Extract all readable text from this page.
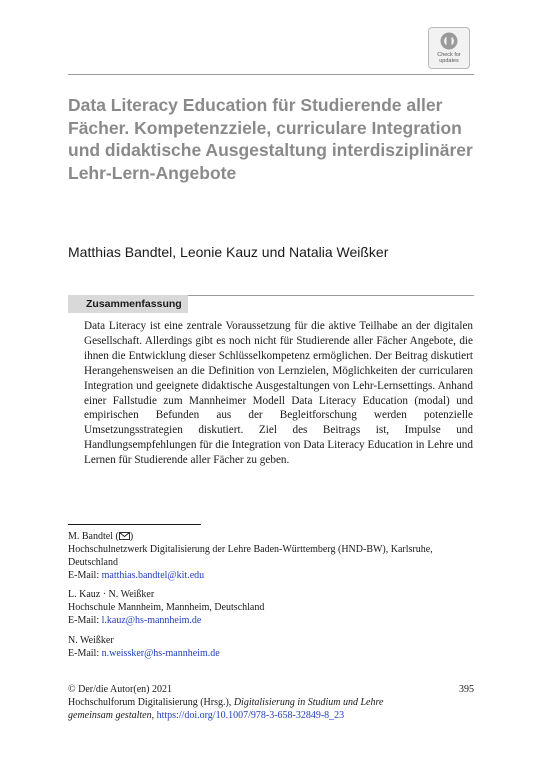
Check for
updates
Data Literacy Education für Studierende aller Fächer. Kompetenzziele, curriculare Integration und didaktische Ausgestaltung interdisziplinärer Lehr-Lern-Angebote

Matthias Bandtel, Leonie Kauz und Natalia Weißker

Zusammenfassung

Data Literacy ist eine zentrale Voraussetzung für die aktive Teilhabe an der digitalen Gesellschaft. Allerdings gibt es noch nicht für Studierende aller Fächer Angebote, die ihnen die Entwicklung dieser Schlüsselkompetenz ermöglichen. Der Beitrag diskutiert Herangehensweisen an die Definition von Lernzielen, Möglichkeiten der curricularen Integration und geeignete didaktische Ausgestaltungen von Lehr-Lernsettings. Anhand einer Fallstudie zum Mannheimer Modell Data Literacy Education (modal) und empirischen Befunden aus der Begleitforschung werden potenzielle Umsetzungsstrategien diskutiert. Ziel des Beitrags ist, Impulse und Handlungsempfehlungen für die Integration von Data Literacy Education in Lehre und Lernen für Studierende aller Fächer zu geben.

M. Bandtel ( )
Hochschulnetzwerk Digitalisierung der Lehre Baden-Württemberg (HND-BW), Karlsruhe,
Deutschland
E-Mail: matthias.bandtel@kit.edu
L. Kauz · N. Weißker
Hochschule Mannheim, Mannheim, Deutschland
E-Mail: l.kauz@hs-mannheim.de
N. Weißker
E-Mail: n.weissker@hs-mannheim.de
© Der/die Autor(en) 2021	395
Hochschulforum Digitalisierung (Hrsg.), Digitalisierung in Studium und Lehre
gemeinsam gestalten, https://doi.org/10.1007/978-3-658-32849-8_23
